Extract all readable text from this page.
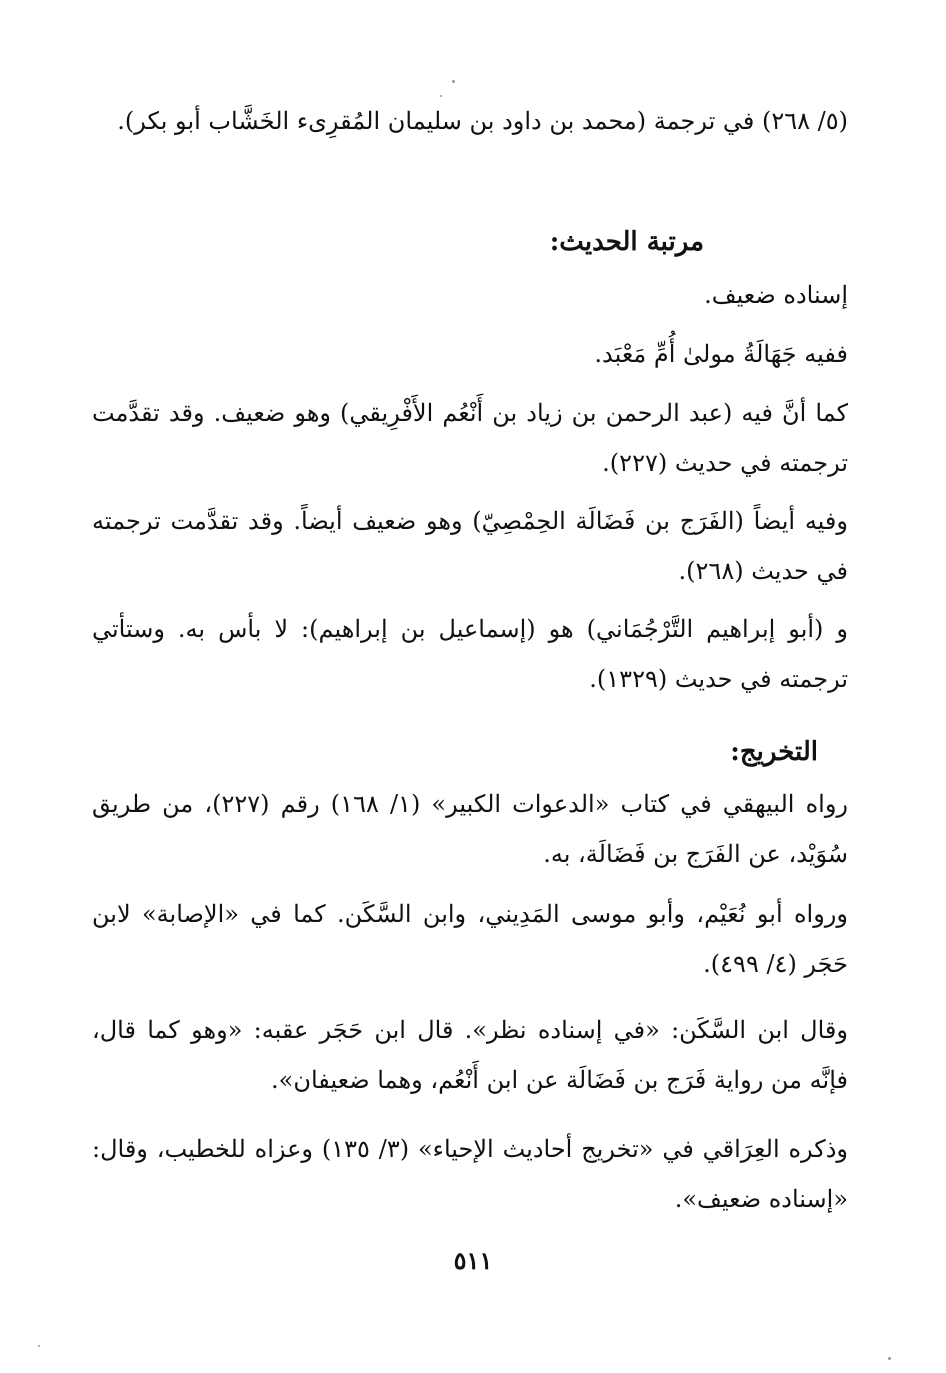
(٥/ ٢٦٨) في ترجمة (محمد بن داود بن سليمان المُقرِىء الخَشَّاب أبو بكر).
مرتبة الحديث:
إسناده ضعيف.
ففيه جَهَالَةُ مولىٰ أُمِّ مَعْبَد.
كما أنَّ فيه (عبد الرحمن بن زياد بن أَنْعُم الأَفْرِيقي) وهو ضعيف. وقد تقدَّمت ترجمته في حديث (٢٢٧).
وفيه أيضاً (الفَرَج بن فَضَالَة الحِمْصِيّ) وهو ضعيف أيضاً. وقد تقدَّمت ترجمته في حديث (٢٦٨).
و (أبو إبراهيم التَّرْجُمَاني) هو (إسماعيل بن إبراهيم): لا بأس به. وستأتي ترجمته في حديث (١٣٢٩).
التخريج:
رواه البيهقي في كتاب «الدعوات الكبير» (١/ ١٦٨) رقم (٢٢٧)، من طريق سُوَيْد، عن الفَرَج بن فَضَالَة، به.
ورواه أبو نُعَيْم، وأبو موسى المَدِيني، وابن السَّكَن. كما في «الإصابة» لابن حَجَر (٤/ ٤٩٩).
وقال ابن السَّكَن: «في إسناده نظر». قال ابن حَجَر عقبه: «وهو كما قال، فإنَّه من رواية فَرَج بن فَضَالَة عن ابن أَنْعُم، وهما ضعيفان».
وذكره العِرَاقي في «تخريج أحاديث الإحياء» (٣/ ١٣٥) وعزاه للخطيب، وقال: «إسناده ضعيف».
٥١١
